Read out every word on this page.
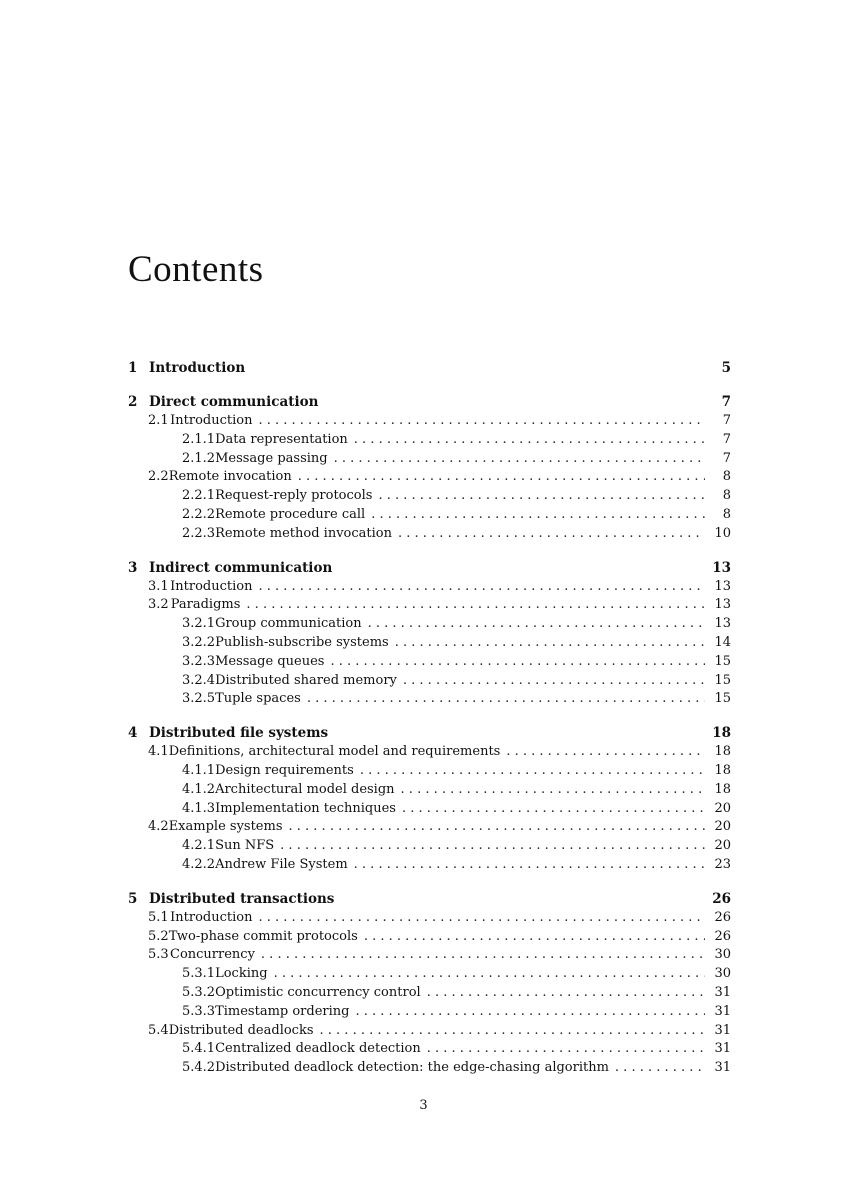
Contents
1 Introduction	5
2 Direct communication	7
2.1 Introduction . . .	7
2.1.1 Data representation . . .	7
2.1.2 Message passing . . .	7
2.2 Remote invocation . . .	8
2.2.1 Request-reply protocols . . .	8
2.2.2 Remote procedure call . . .	8
2.2.3 Remote method invocation . . .	10
3 Indirect communication	13
3.1 Introduction . . .	13
3.2 Paradigms . . .	13
3.2.1 Group communication . . .	13
3.2.2 Publish-subscribe systems . . .	14
3.2.3 Message queues . . .	15
3.2.4 Distributed shared memory . . .	15
3.2.5 Tuple spaces . . .	15
4 Distributed file systems	18
4.1 Definitions, architectural model and requirements . . .	18
4.1.1 Design requirements . . .	18
4.1.2 Architectural model design . . .	18
4.1.3 Implementation techniques . . .	20
4.2 Example systems . . .	20
4.2.1 Sun NFS . . .	20
4.2.2 Andrew File System . . .	23
5 Distributed transactions	26
5.1 Introduction . . .	26
5.2 Two-phase commit protocols . . .	26
5.3 Concurrency . . .	30
5.3.1 Locking . . .	30
5.3.2 Optimistic concurrency control . . .	31
5.3.3 Timestamp ordering . . .	31
5.4 Distributed deadlocks . . .	31
5.4.1 Centralized deadlock detection . . .	31
5.4.2 Distributed deadlock detection: the edge-chasing algorithm . . .	31
3
